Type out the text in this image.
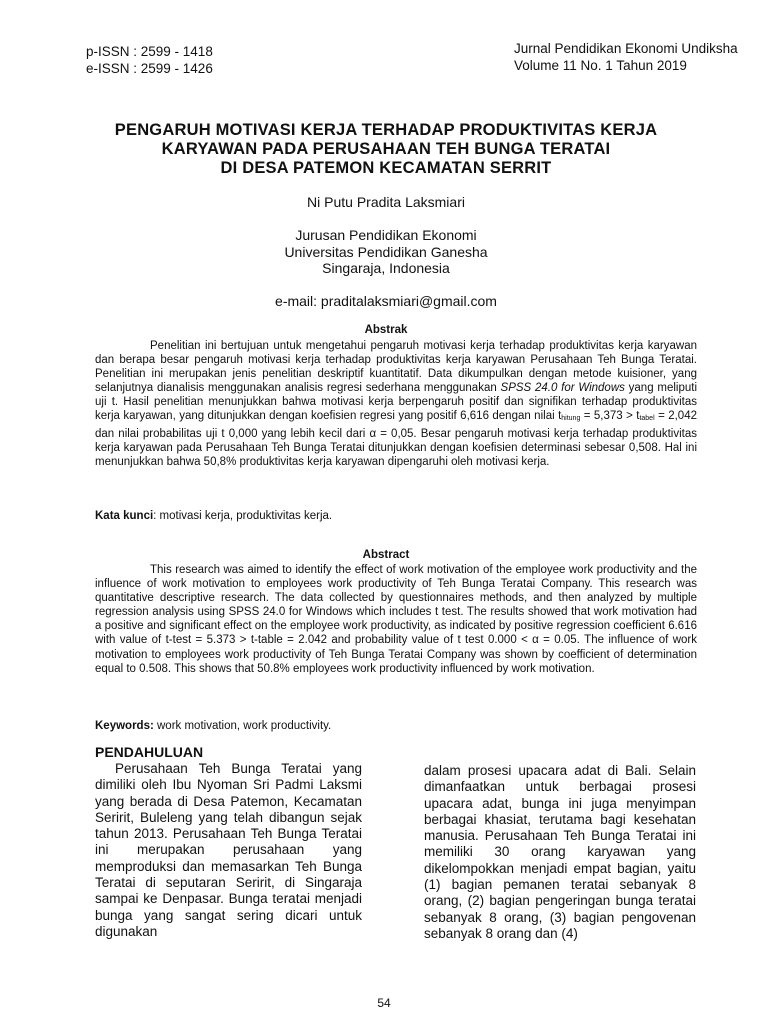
p-ISSN : 2599 - 1418
e-ISSN : 2599 - 1426
Jurnal Pendidikan Ekonomi Undiksha
Volume 11 No. 1 Tahun 2019
PENGARUH MOTIVASI KERJA TERHADAP PRODUKTIVITAS KERJA
KARYAWAN PADA PERUSAHAAN TEH BUNGA TERATAI
DI DESA PATEMON KECAMATAN SERRIT
Ni Putu Pradita Laksmiari
Jurusan Pendidikan Ekonomi
Universitas Pendidikan Ganesha
Singaraja, Indonesia
e-mail: praditalaksmiari@gmail.com
Abstrak

Penelitian ini bertujuan untuk mengetahui pengaruh motivasi kerja terhadap produktivitas kerja karyawan dan berapa besar pengaruh motivasi kerja terhadap produktivitas kerja karyawan Perusahaan Teh Bunga Teratai. Penelitian ini merupakan jenis penelitian deskriptif kuantitatif. Data dikumpulkan dengan metode kuisioner, yang selanjutnya dianalisis menggunakan analisis regresi sederhana menggunakan SPSS 24.0 for Windows yang meliputi uji t. Hasil penelitian menunjukkan bahwa motivasi kerja berpengaruh positif dan signifikan terhadap produktivitas kerja karyawan, yang ditunjukkan dengan koefisien regresi yang positif 6,616 dengan nilai $t_{hitung} = 5,373 > t_{tabel} = 2,042$ dan nilai probabilitas uji t 0,000 yang lebih kecil dari α = 0,05. Besar pengaruh motivasi kerja terhadap produktivitas kerja karyawan pada Perusahaan Teh Bunga Teratai ditunjukkan dengan koefisien determinasi sebesar 0,508. Hal ini menunjukkan bahwa 50,8% produktivitas kerja karyawan dipengaruhi oleh motivasi kerja.

Kata kunci: motivasi kerja, produktivitas kerja.
Abstract

This research was aimed to identify the effect of work motivation of the employee work productivity and the influence of work motivation to employees work productivity of Teh Bunga Teratai Company. This research was quantitative descriptive research. The data collected by questionnaires methods, and then analyzed by multiple regression analysis using SPSS 24.0 for Windows which includes t test. The results showed that work motivation had a positive and significant effect on the employee work productivity, as indicated by positive regression coefficient 6.616 with value of t-test = 5.373 > t-table = 2.042 and probability value of t test 0.000 < α = 0.05. The influence of work motivation to employees work productivity of Teh Bunga Teratai Company was shown by coefficient of determination equal to 0.508. This shows that 50.8% employees work productivity influenced by work motivation.

Keywords: work motivation, work productivity.
PENDAHULUAN

Perusahaan Teh Bunga Teratai yang dimiliki oleh Ibu Nyoman Sri Padmi Laksmi yang berada di Desa Patemon, Kecamatan Seririt, Buleleng yang telah dibangun sejak tahun 2013. Perusahaan Teh Bunga Teratai ini merupakan perusahaan yang memproduksi dan memasarkan Teh Bunga Teratai di seputaran Seririt, di Singaraja sampai ke Denpasar. Bunga teratai menjadi bunga yang sangat sering dicari untuk digunakan

dalam prosesi upacara adat di Bali. Selain dimanfaatkan untuk berbagai prosesi upacara adat, bunga ini juga menyimpan berbagai khasiat, terutama bagi kesehatan manusia. Perusahaan Teh Bunga Teratai ini memiliki 30 orang karyawan yang dikelompokkan menjadi empat bagian, yaitu (1) bagian pemanen teratai sebanyak 8 orang, (2) bagian pengeringan bunga teratai sebanyak 8 orang, (3) bagian pengovenan sebanyak 8 orang dan (4)

54
